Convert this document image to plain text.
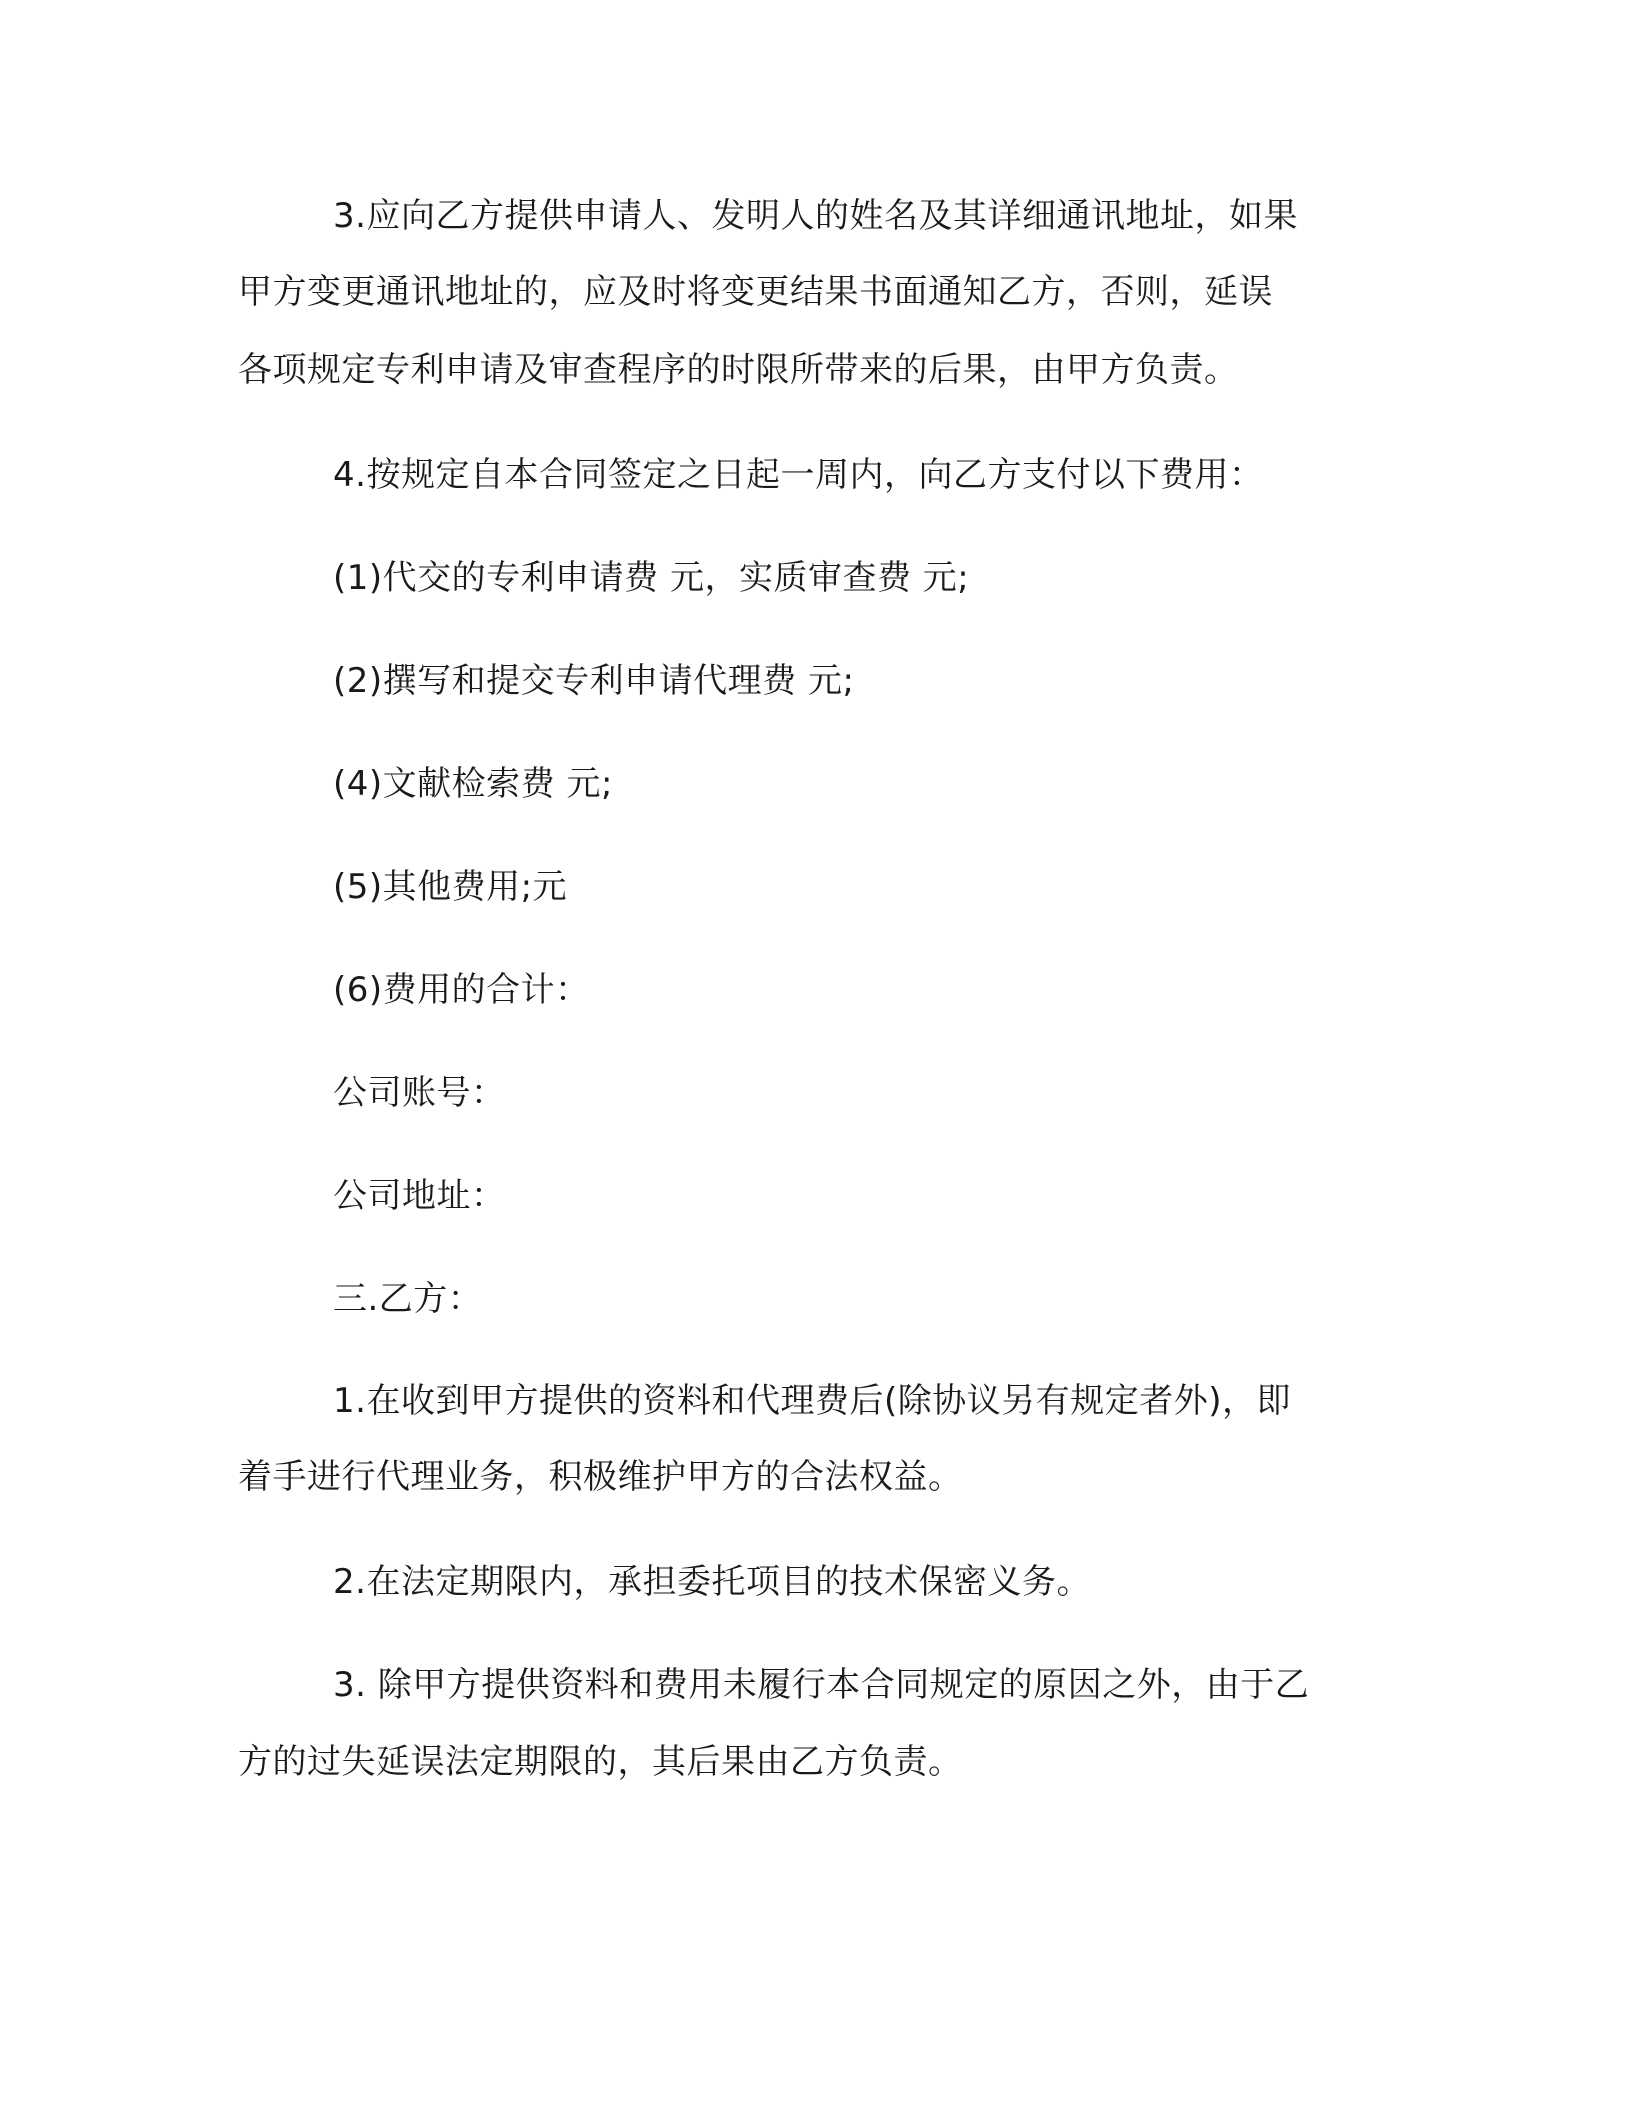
3.应向乙方提供申请人、发明人的姓名及其详细通讯地址，如果
甲方变更通讯地址的，应及时将变更结果书面通知乙方，否则，延误
各项规定专利申请及审查程序的时限所带来的后果，由甲方负责。
4.按规定自本合同签定之日起一周内，向乙方支付以下费用：
(1)代交的专利申请费 元，实质审查费 元;
(2)撰写和提交专利申请代理费 元;
(4)文献检索费 元;
(5)其他费用;元
(6)费用的合计：
公司账号：
公司地址：
三.乙方：
1.在收到甲方提供的资料和代理费后(除协议另有规定者外)，即
着手进行代理业务，积极维护甲方的合法权益。
2.在法定期限内，承担委托项目的技术保密义务。
3. 除甲方提供资料和费用未履行本合同规定的原因之外，由于乙
方的过失延误法定期限的，其后果由乙方负责。
